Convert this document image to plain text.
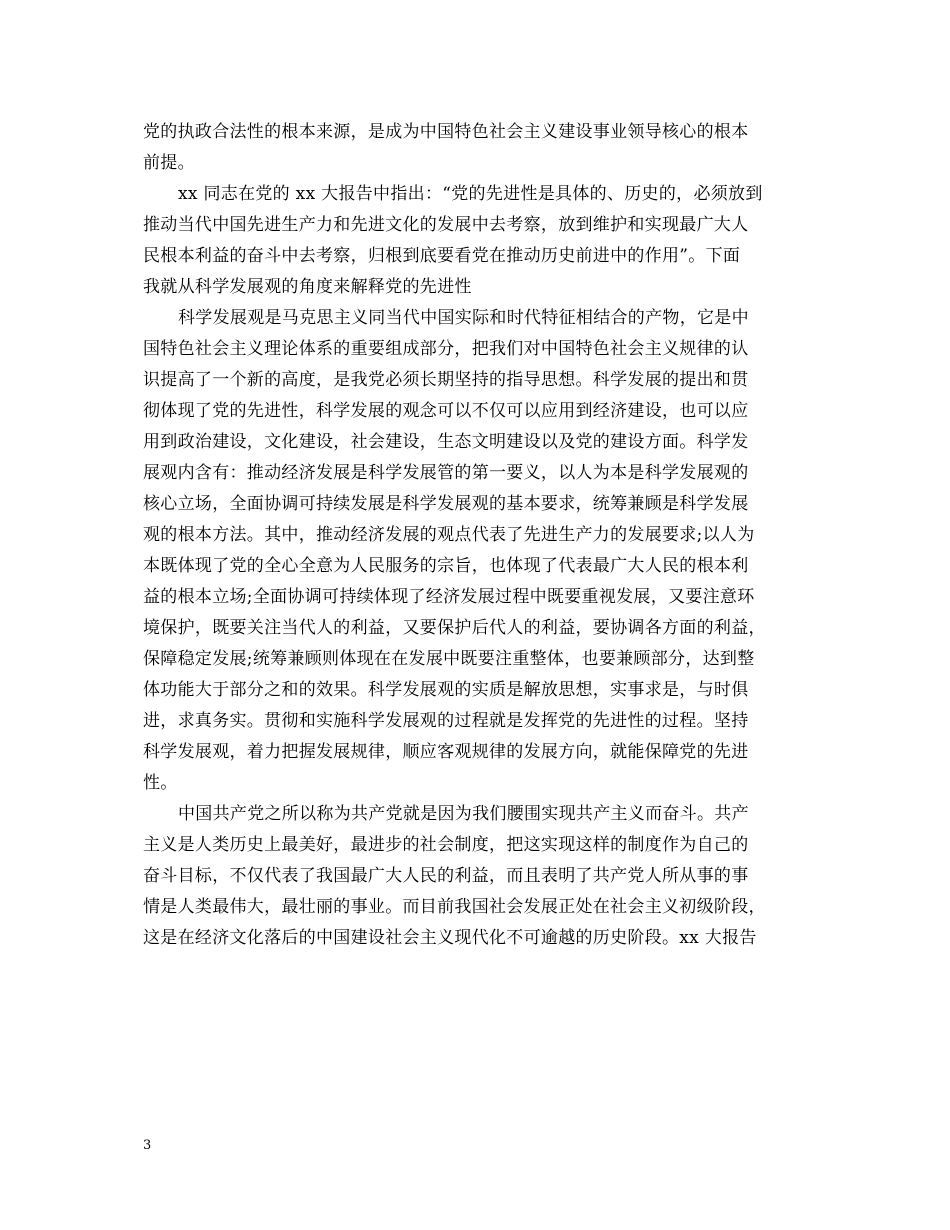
党的执政合法性的根本来源，是成为中国特色社会主义建设事业领导核心的根本
前提。
xx 同志在党的 xx 大报告中指出：“党的先进性是具体的、历史的，必须放到
推动当代中国先进生产力和先进文化的发展中去考察，放到维护和实现最广大人
民根本利益的奋斗中去考察，归根到底要看党在推动历史前进中的作用”。下面
我就从科学发展观的角度来解释党的先进性
科学发展观是马克思主义同当代中国实际和时代特征相结合的产物，它是中
国特色社会主义理论体系的重要组成部分，把我们对中国特色社会主义规律的认
识提高了一个新的高度，是我党必须长期坚持的指导思想。科学发展的提出和贯
彻体现了党的先进性，科学发展的观念可以不仅可以应用到经济建设，也可以应
用到政治建设，文化建设，社会建设，生态文明建设以及党的建设方面。科学发
展观内含有：推动经济发展是科学发展管的第一要义，以人为本是科学发展观的
核心立场，全面协调可持续发展是科学发展观的基本要求，统筹兼顾是科学发展
观的根本方法。其中，推动经济发展的观点代表了先进生产力的发展要求;以人为
本既体现了党的全心全意为人民服务的宗旨，也体现了代表最广大人民的根本利
益的根本立场;全面协调可持续体现了经济发展过程中既要重视发展，又要注意环
境保护，既要关注当代人的利益，又要保护后代人的利益，要协调各方面的利益，
保障稳定发展;统筹兼顾则体现在在发展中既要注重整体，也要兼顾部分，达到整
体功能大于部分之和的效果。科学发展观的实质是解放思想，实事求是，与时俱
进，求真务实。贯彻和实施科学发展观的过程就是发挥党的先进性的过程。坚持
科学发展观，着力把握发展规律，顺应客观规律的发展方向，就能保障党的先进
性。
中国共产党之所以称为共产党就是因为我们腰围实现共产主义而奋斗。共产
主义是人类历史上最美好，最进步的社会制度，把这实现这样的制度作为自己的
奋斗目标，不仅代表了我国最广大人民的利益，而且表明了共产党人所从事的事
情是人类最伟大，最壮丽的事业。而目前我国社会发展正处在社会主义初级阶段，
这是在经济文化落后的中国建设社会主义现代化不可逾越的历史阶段。xx 大报告
3
